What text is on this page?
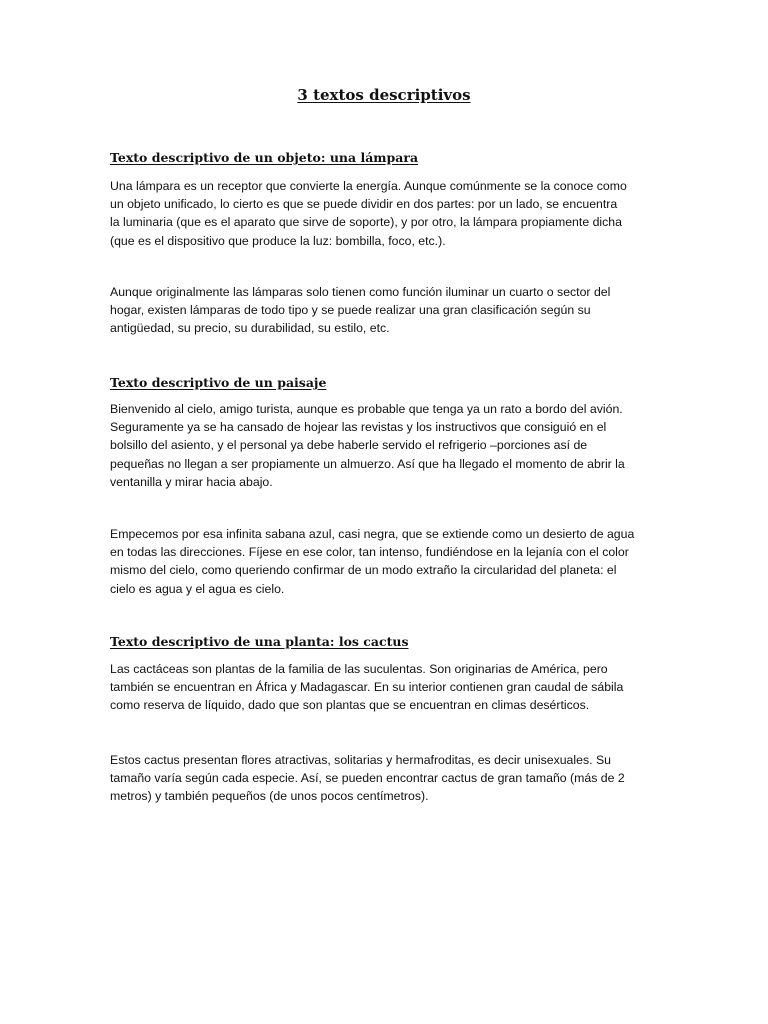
3 textos descriptivos
Texto descriptivo de un objeto: una lámpara

Una lámpara es un receptor que convierte la energía. Aunque comúnmente se la conoce como
un objeto unificado, lo cierto es que se puede dividir en dos partes: por un lado, se encuentra
la luminaria (que es el aparato que sirve de soporte), y por otro, la lámpara propiamente dicha
(que es el dispositivo que produce la luz: bombilla, foco, etc.).

Aunque originalmente las lámparas solo tienen como función iluminar un cuarto o sector del
hogar, existen lámparas de todo tipo y se puede realizar una gran clasificación según su
antigüedad, su precio, su durabilidad, su estilo, etc.

Texto descriptivo de un paisaje

Bienvenido al cielo, amigo turista, aunque es probable que tenga ya un rato a bordo del avión.
Seguramente ya se ha cansado de hojear las revistas y los instructivos que consiguió en el
bolsillo del asiento, y el personal ya debe haberle servido el refrigerio –porciones así de
pequeñas no llegan a ser propiamente un almuerzo. Así que ha llegado el momento de abrir la
ventanilla y mirar hacia abajo.

Empecemos por esa infinita sabana azul, casi negra, que se extiende como un desierto de agua
en todas las direcciones. Fíjese en ese color, tan intenso, fundiéndose en la lejanía con el color
mismo del cielo, como queriendo confirmar de un modo extraño la circularidad del planeta: el
cielo es agua y el agua es cielo.

Texto descriptivo de una planta: los cactus

Las cactáceas son plantas de la familia de las suculentas. Son originarias de América, pero
también se encuentran en África y Madagascar. En su interior contienen gran caudal de sábila
como reserva de líquido, dado que son plantas que se encuentran en climas desérticos.

Estos cactus presentan flores atractivas, solitarias y hermafroditas, es decir unisexuales. Su
tamaño varía según cada especie. Así, se pueden encontrar cactus de gran tamaño (más de 2
metros) y también pequeños (de unos pocos centímetros).
